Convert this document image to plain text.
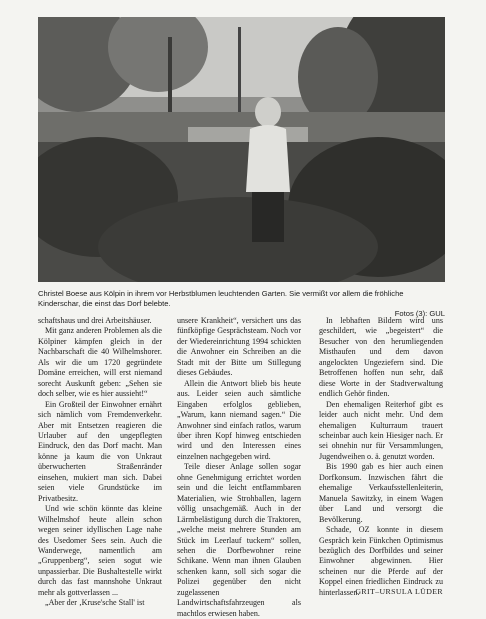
Christel Boese aus Kölpin in ihrem vor Herbstblumen leuchtenden Garten. Sie vermißt vor allem die fröhliche Kinderschar, die einst das Dorf belebte.
Fotos (3): GUL

schaftshaus und drei Arbeitshäuser.

Mit ganz anderen Problemen als die Kölpiner kämpfen gleich in der Nachbarschaft die 40 Wilhelmshorer. Als wir die um 1720 gegründete Domäne erreichen, will erst niemand sorecht Auskunft geben: „Sehen sie doch selber, wie es hier aussieht!“

Ein Großteil der Einwohner ernährt sich nämlich vom Fremdenverkehr. Aber mit Entsetzen reagieren die Urlauber auf den ungepflegten Eindruck, den das Dorf macht. Man könne ja kaum die von Unkraut überwucherten Straßenränder einsehen, mukiert man sich. Dabei seien viele Grundstücke im Privatbesitz.

Und wie schön könnte das kleine Wilhelmshof heute allein schon wegen seiner idyllischen Lage nahe des Usedomer Sees sein. Auch die Wanderwege, namentlich am „Gruppenberg“, seien sogut wie unpassierbar. Die Bushaltestelle wirkt durch das fast mannshohe Unkraut mehr als gottverlassen ...

„Aber der ‚Kruse'sche Stall' ist

unsere Krankheit“, versichert uns das fünfköpfige Gesprächsteam. Noch vor der Wiedereinrichtung 1994 schickten die Anwohner ein Schreiben an die Stadt mit der Bitte um Stillegung dieses Gebäudes.

Allein die Antwort blieb bis heute aus. Leider seien auch sämtliche Eingaben erfolglos geblieben, „Warum, kann niemand sagen.“ Die Anwohner sind einfach ratlos, warum über ihren Kopf hinweg entschieden wird und den Interessen eines einzelnen nachgegeben wird.

Teile dieser Anlage sollen sogar ohne Genehmigung errichtet worden sein und die leicht entflammbaren Materialien, wie Strohballen, lagern völlig unsachgemäß. Auch in der Lärmbelästigung durch die Traktoren, „welche meist mehrere Stunden am Stück im Leerlauf tuckern“ sollen, sehen die Dorfbewohner reine Schikane. Wenn man ihnen Glauben schenken kann, soll sich sogar die Polizei gegenüber den nicht zugelassenen Landwirtschaftsfahrzeugen als machtlos erwiesen haben.

In lebhaften Bildern wird uns geschildert, wie „begeistert“ die Besucher von den herumliegenden Misthaufen und dem davon angelockten Ungeziefern sind. Die Betroffenen hoffen nun sehr, daß diese Worte in der Stadtverwaltung endlich Gehör finden.

Den ehemaligen Reiterhof gibt es leider auch nicht mehr. Und dem ehemaligen Kulturraum trauert scheinbar auch kein Hiesiger nach. Er sei ohnehin nur für Versammlungen, Jugendweihen o. ä. genutzt worden.

Bis 1990 gab es hier auch einen Dorfkonsum. Inzwischen fährt die ehemalige Verkaufsstellenleiterin, Manuela Sawitzky, in einem Wagen über Land und versorgt die Bevölkerung.

Schade, OZ konnte in diesem Gespräch kein Fünkchen Optimismus bezüglich des Dorfbildes und seiner Einwohner abgewinnen. Hier scheinen nur die Pferde auf der Koppel einen friedlichen Eindruck zu hinterlassen.

GRIT–URSULA LÜDER
